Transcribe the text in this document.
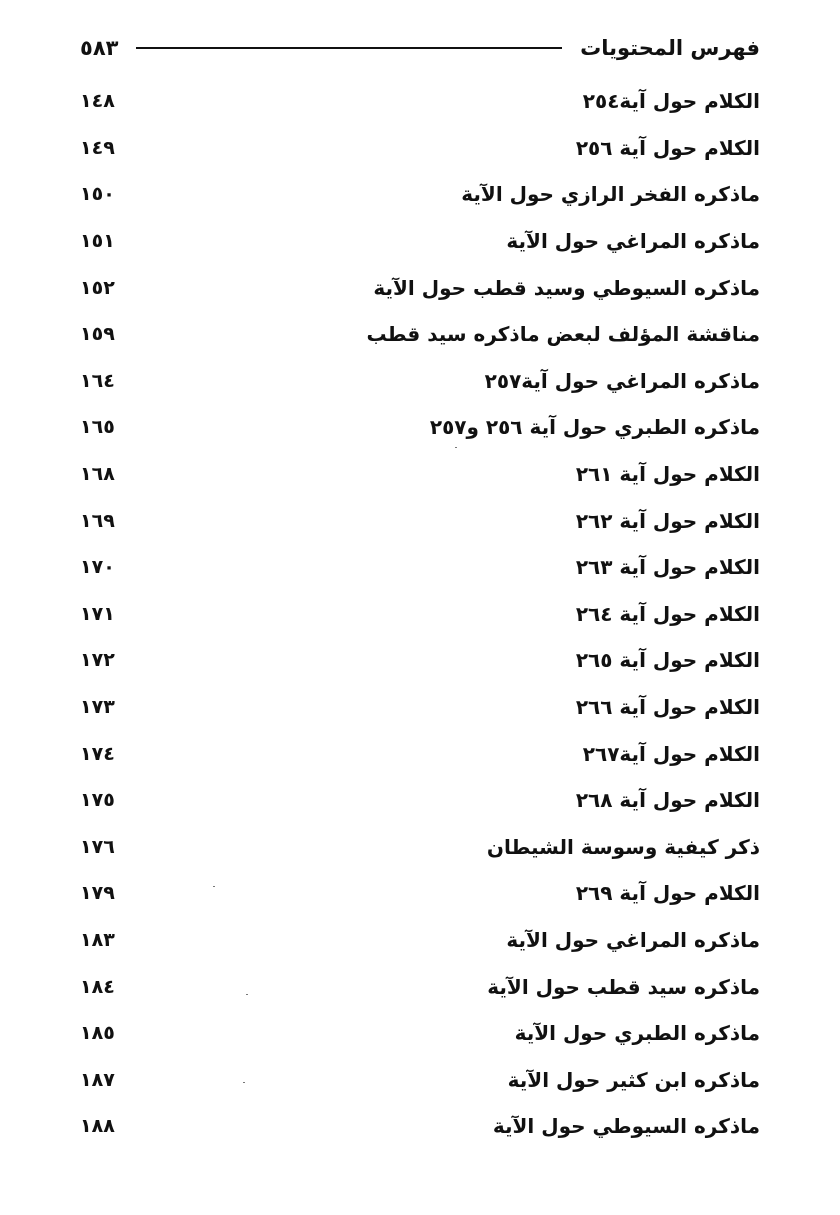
٥٨٣	فهرس المحتويات
١٤٨	الكلام حول آية٢٥٤
١٤٩	الكلام حول آية ٢٥٦
١٥٠	ماذكره الفخر الرازي حول الآية
١٥١	ماذكره المراغي حول الآية
١٥٢	ماذكره السيوطي وسيد قطب حول الآية
١٥٩	مناقشة المؤلف لبعض ماذكره سيد قطب
١٦٤	ماذكره المراغي حول آية٢٥٧
١٦٥	ماذكره الطبري حول آية ٢٥٦ و٢٥٧
١٦٨	الكلام حول آية ٢٦١
١٦٩	الكلام حول آية ٢٦٢
١٧٠	الكلام حول آية ٢٦٣
١٧١	الكلام حول آية ٢٦٤
١٧٢	الكلام حول آية ٢٦٥
١٧٣	الكلام حول آية ٢٦٦
١٧٤	الكلام حول آية٢٦٧
١٧٥	الكلام حول آية ٢٦٨
١٧٦	ذكر كيفية وسوسة الشيطان
١٧٩	الكلام حول آية ٢٦٩
١٨٣	ماذكره المراغي حول الآية
١٨٤	ماذكره سيد قطب حول الآية
١٨٥	ماذكره الطبري حول الآية
١٨٧	ماذكره ابن كثير حول الآية
١٨٨	ماذكره السيوطي حول الآية
